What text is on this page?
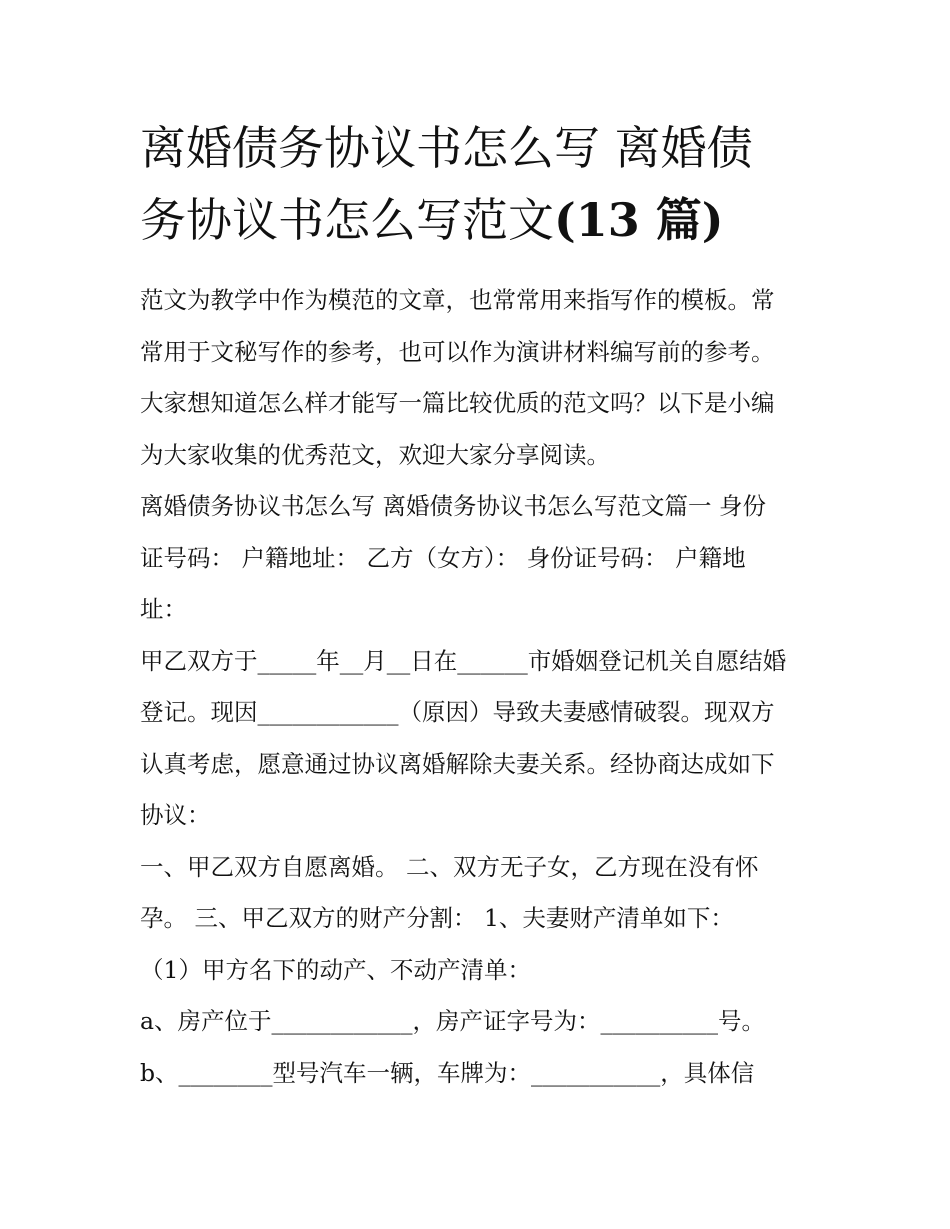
离婚债务协议书怎么写 离婚债
务协议书怎么写范文(13 篇)
范文为教学中作为模范的文章，也常常用来指写作的模板。常
常用于文秘写作的参考，也可以作为演讲材料编写前的参考。
大家想知道怎么样才能写一篇比较优质的范文吗？以下是小编
为大家收集的优秀范文，欢迎大家分享阅读。
离婚债务协议书怎么写 离婚债务协议书怎么写范文篇一 身份
证号码： 户籍地址： 乙方（女方）： 身份证号码： 户籍地
址：
甲乙双方于_____年__月__日在______市婚姻登记机关自愿结婚
登记。现因____________（原因）导致夫妻感情破裂。现双方
认真考虑，愿意通过协议离婚解除夫妻关系。经协商达成如下
协议：
一、甲乙双方自愿离婚。 二、双方无子女，乙方现在没有怀
孕。 三、甲乙双方的财产分割： 1、夫妻财产清单如下：
（1）甲方名下的动产、不动产清单：
a、房产位于____________，房产证字号为：__________号。
b、________型号汽车一辆，车牌为：___________，具体信
